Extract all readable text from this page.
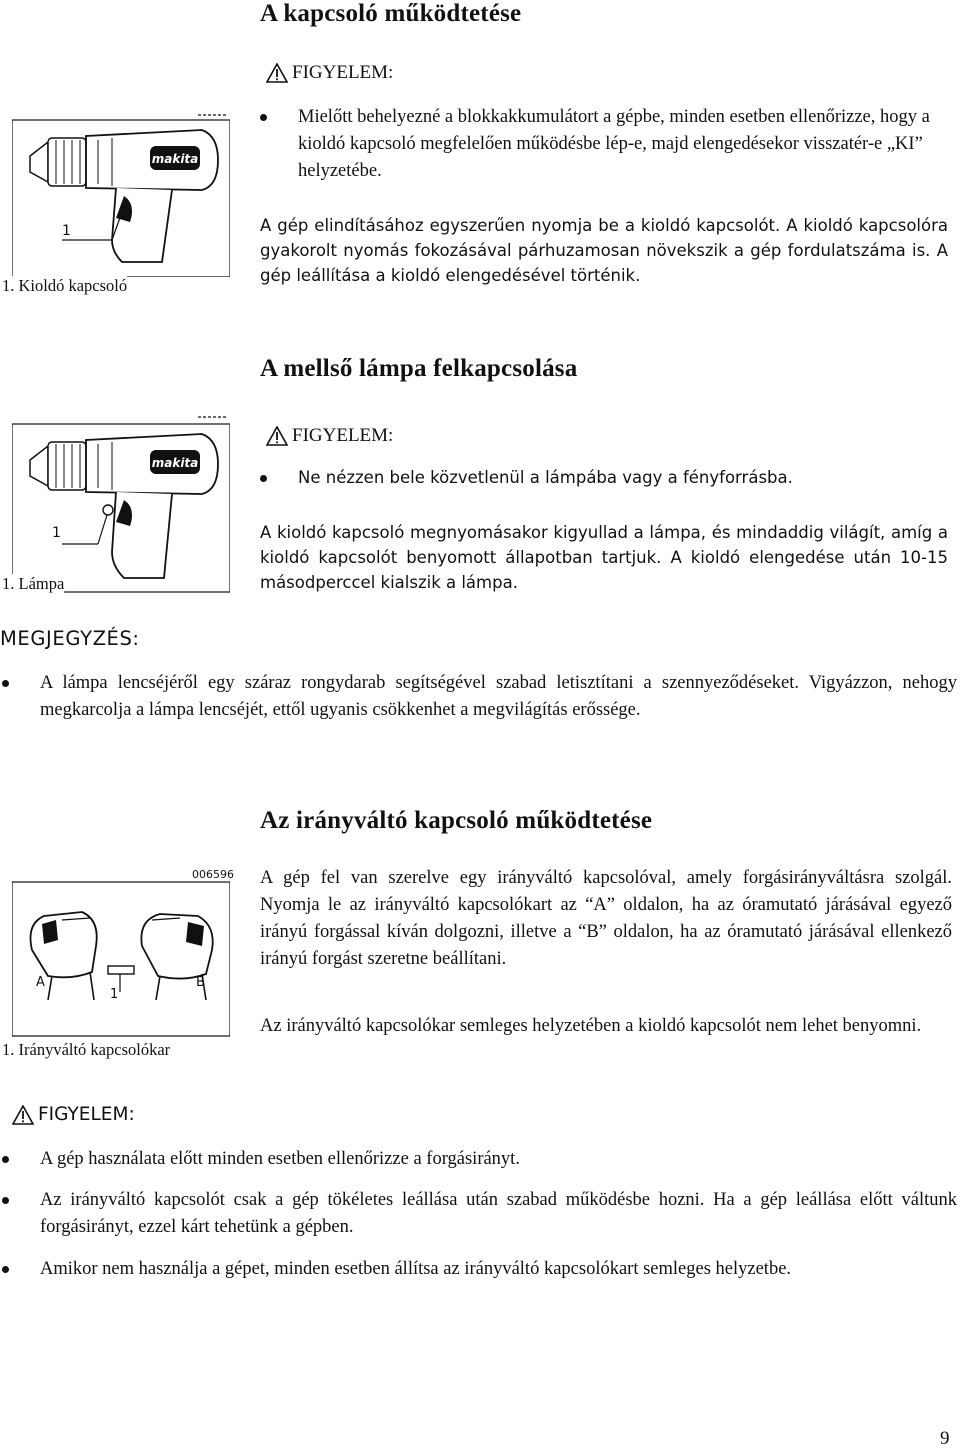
A kapcsoló működtetése
FIGYELEM:
Mielőtt behelyezné a blokkakkumulátort a gépbe, minden esetben ellenőrizze, hogy a kioldó kapcsoló megfelelően működésbe lép-e, majd elengedésekor visszatér-e „KI” helyzetébe.
A gép elindításához egyszerűen nyomja be a kioldó kapcsolót. A kioldó kapcsolóra gyakorolt nyomás fokozásával párhuzamosan növekszik a gép fordulatszáma is. A gép leállítása a kioldó elengedésével történik.
makita
1
1. Kioldó kapcsoló
A mellső lámpa felkapcsolása
FIGYELEM:
Ne nézzen bele közvetlenül a lámpába vagy a fényforrásba.
A kioldó kapcsoló megnyomásakor kigyullad a lámpa, és mindaddig világít, amíg a kioldó kapcsolót benyomott állapotban tartjuk. A kioldó elengedése után 10-15 másodperccel kialszik a lámpa.
makita
1
1. Lámpa
MEGJEGYZÉS:
A lámpa lencséjéről egy száraz rongydarab segítségével szabad letisztítani a szennyeződéseket. Vigyázzon, nehogy megkarcolja a lámpa lencséjét, ettől ugyanis csökkenhet a megvilágítás erőssége.
Az irányváltó kapcsoló működtetése
A gép fel van szerelve egy irányváltó kapcsolóval, amely forgásirányváltásra szolgál. Nyomja le az irányváltó kapcsolókart az “A” oldalon, ha az óramutató járásával egyező irányú forgással kíván dolgozni, illetve a “B” oldalon, ha az óramutató járásával ellenkező irányú forgást szeretne beállítani.
Az irányváltó kapcsolókar semleges helyzetében a kioldó kapcsolót nem lehet benyomni.
006596
A	B
1
1. Irányváltó kapcsolókar
FIGYELEM:
A gép használata előtt minden esetben ellenőrizze a forgásirányt.
Az irányváltó kapcsolót csak a gép tökéletes leállása után szabad működésbe hozni. Ha a gép leállása előtt váltunk forgásirányt, ezzel kárt tehetünk a gépben.
Amikor nem használja a gépet, minden esetben állítsa az irányváltó kapcsolókart semleges helyzetbe.
9
